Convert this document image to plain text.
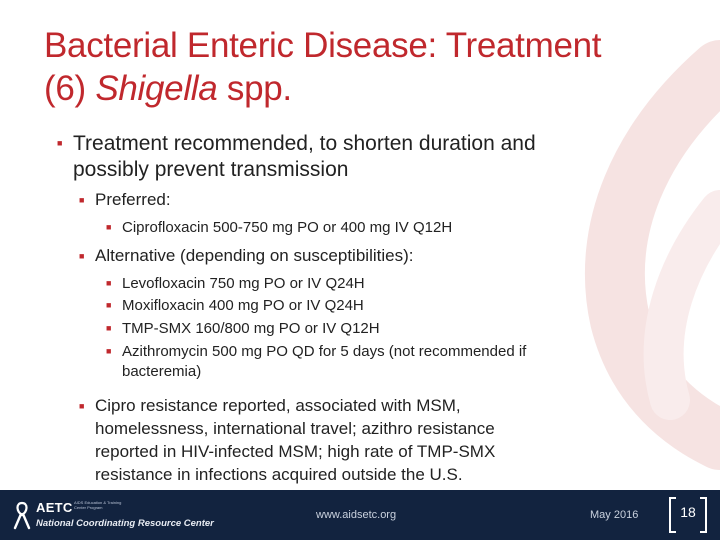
Bacterial Enteric Disease: Treatment
(6) Shigella spp.
■ Treatment recommended, to shorten duration and
possibly prevent transmission
■ Preferred:
■ Ciprofloxacin 500-750 mg PO or 400 mg IV Q12H
■ Alternative (depending on susceptibilities):
■ Levofloxacin 750 mg PO or IV Q24H
■ Moxifloxacin 400 mg PO or IV Q24H
■ TMP-SMX 160/800 mg PO or IV Q12H
■ Azithromycin 500 mg PO QD for 5 days (not recommended if
bacteremia)
■ Cipro resistance reported, associated with MSM,
homelessness, international travel; azithro resistance
reported in HIV-infected MSM; high rate of TMP-SMX
resistance in infections acquired outside the U.S.
AETC AIDS Education & Training Center Program
National Coordinating Resource Center
www.aidsetc.org	May 2016	18
